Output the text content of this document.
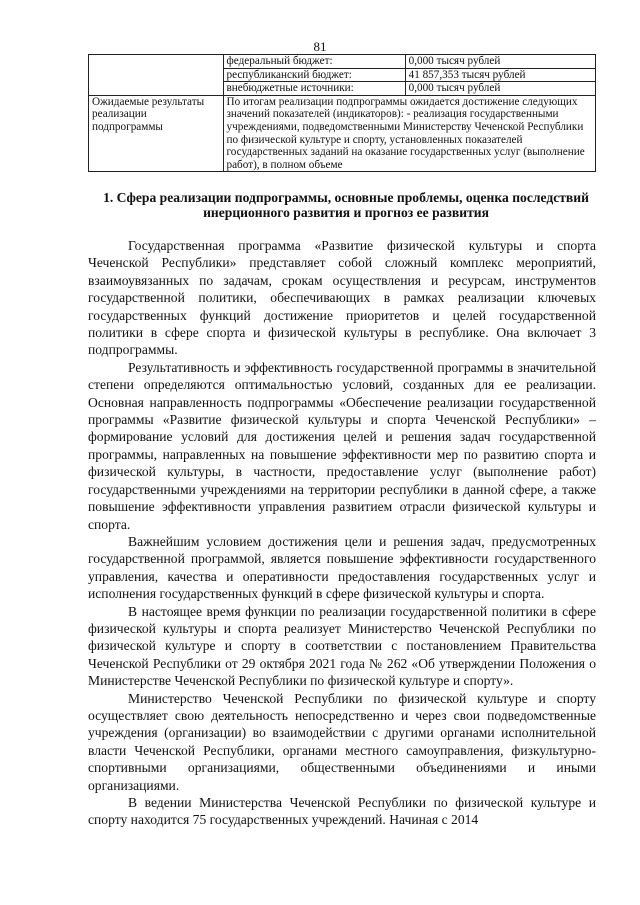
81
	федеральный бюджет:	0,000 тысяч рублей
	республиканский бюджет:	41 857,353 тысяч рублей
	внебюджетные источники:	0,000 тысяч рублей
Ожидаемые результаты реализации подпрограммы	По итогам реализации подпрограммы ожидается достижение следующих значений показателей (индикаторов): - реализация государственными учреждениями, подведомственными Министерству Чеченской Республики по физической культуре и спорту, установленных показателей государственных заданий на оказание государственных услуг (выполнение работ), в полном объеме	
1. Сфера реализации подпрограммы, основные проблемы, оценка последствий инерционного развития и прогноз ее развития

Государственная программа «Развитие физической культуры и спорта Чеченской Республики» представляет собой сложный комплекс мероприятий, взаимоувязанных по задачам, срокам осуществления и ресурсам, инструментов государственной политики, обеспечивающих в рамках реализации ключевых государственных функций достижение приоритетов и целей государственной политики в сфере спорта и физической культуры в республике. Она включает 3 подпрограммы.

Результативность и эффективность государственной программы в значительной степени определяются оптимальностью условий, созданных для ее реализации. Основная направленность подпрограммы «Обеспечение реализации государственной программы «Развитие физической культуры и спорта Чеченской Республики» – формирование условий для достижения целей и решения задач государственной программы, направленных на повышение эффективности мер по развитию спорта и физической культуры, в частности, предоставление услуг (выполнение работ) государственными учреждениями на территории республики в данной сфере, а также повышение эффективности управления развитием отрасли физической культуры и спорта.

Важнейшим условием достижения цели и решения задач, предусмотренных государственной программой, является повышение эффективности государственного управления, качества и оперативности предоставления государственных услуг и исполнения государственных функций в сфере физической культуры и спорта.

В настоящее время функции по реализации государственной политики в сфере физической культуры и спорта реализует Министерство Чеченской Республики по физической культуре и спорту в соответствии с постановлением Правительства Чеченской Республики от 29 октября 2021 года № 262 «Об утверждении Положения о Министерстве Чеченской Республики по физической культуре и спорту».

Министерство Чеченской Республики по физической культуре и спорту осуществляет свою деятельность непосредственно и через свои подведомственные учреждения (организации) во взаимодействии с другими органами исполнительной власти Чеченской Республики, органами местного самоуправления, физкультурно-спортивными организациями, общественными объединениями и иными организациями.

В ведении Министерства Чеченской Республики по физической культуре и спорту находится 75 государственных учреждений. Начиная с 2014
